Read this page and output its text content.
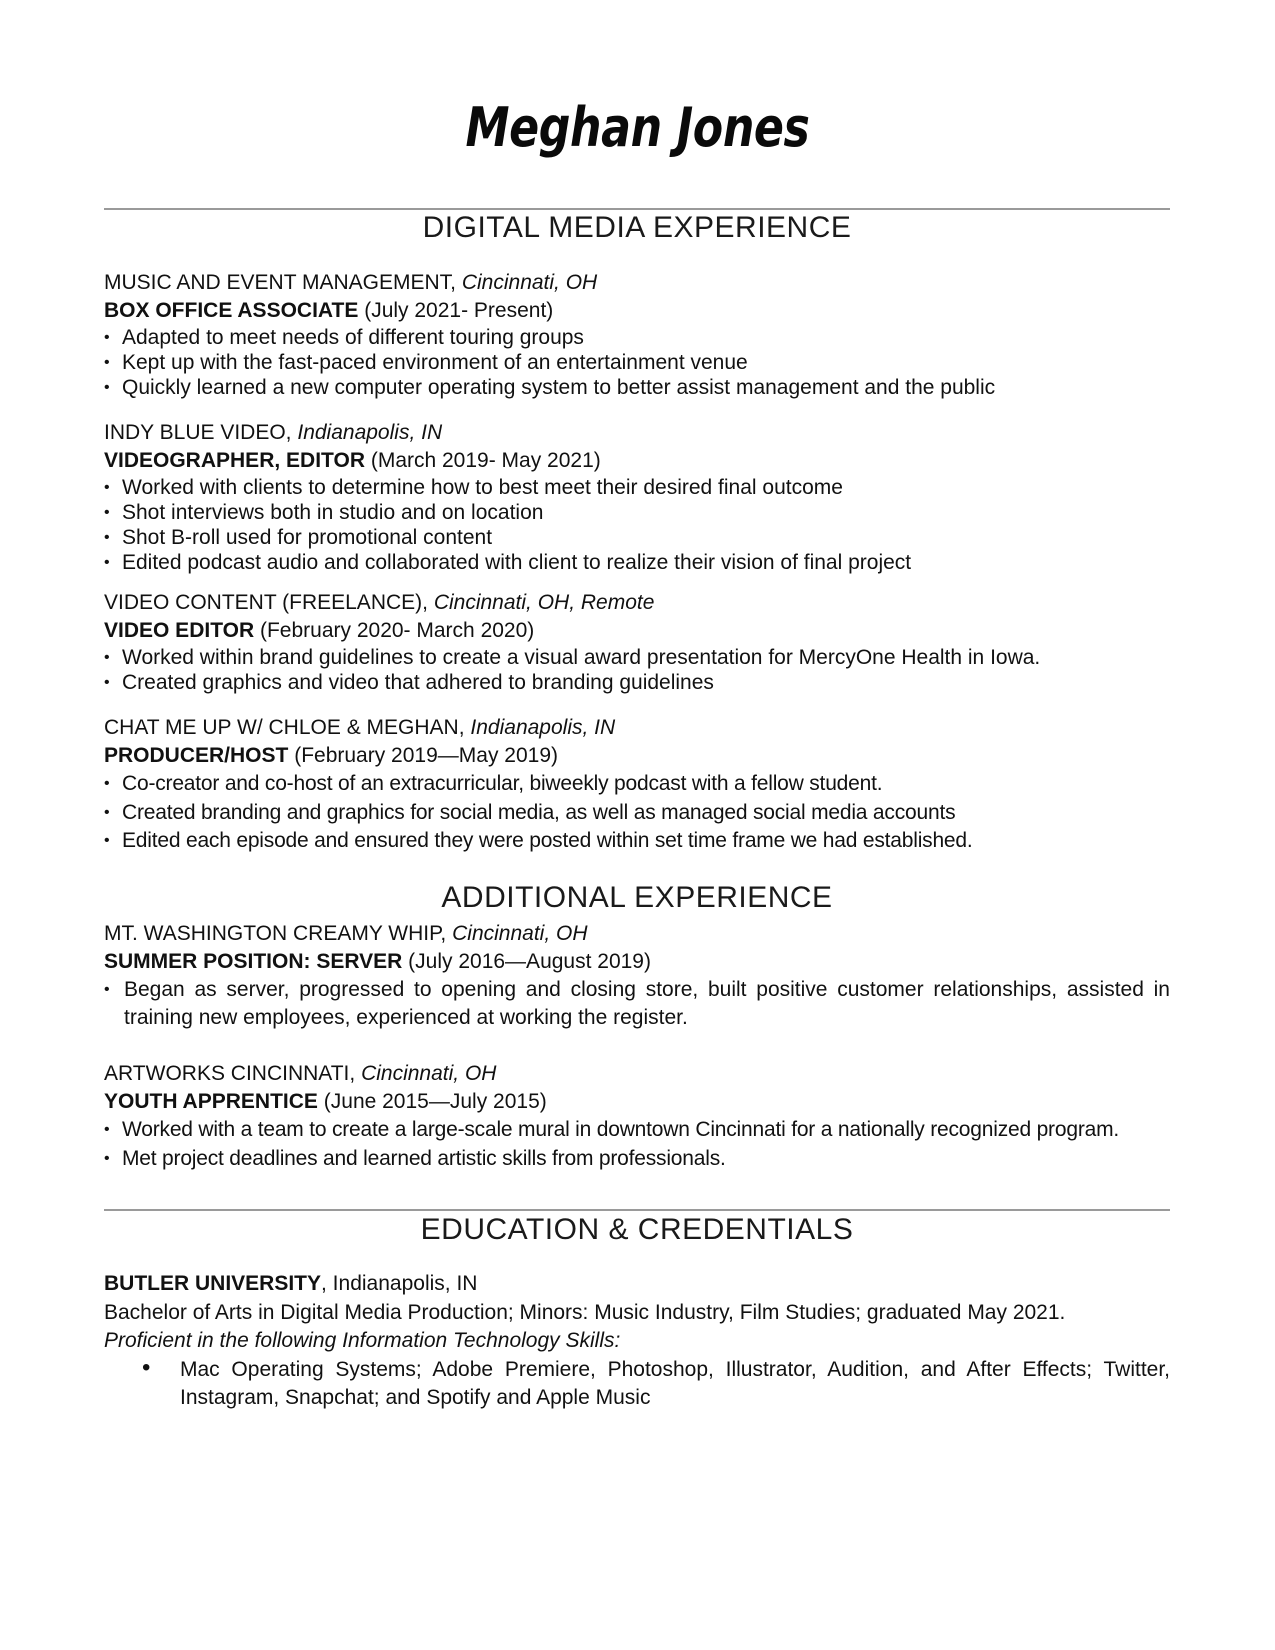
Meghan Jones
DIGITAL MEDIA EXPERIENCE
MUSIC AND EVENT MANAGEMENT, Cincinnati, OH
BOX OFFICE ASSOCIATE (July 2021- Present)
• Adapted to meet needs of different touring groups
• Kept up with the fast-paced environment of an entertainment venue
• Quickly learned a new computer operating system to better assist management and the public
INDY BLUE VIDEO, Indianapolis, IN
VIDEOGRAPHER, EDITOR (March 2019- May 2021)
• Worked with clients to determine how to best meet their desired final outcome
• Shot interviews both in studio and on location
• Shot B-roll used for promotional content
• Edited podcast audio and collaborated with client to realize their vision of final project
VIDEO CONTENT (FREELANCE), Cincinnati, OH, Remote
VIDEO EDITOR (February 2020- March 2020)
• Worked within brand guidelines to create a visual award presentation for MercyOne Health in Iowa.
• Created graphics and video that adhered to branding guidelines
CHAT ME UP W/ CHLOE & MEGHAN, Indianapolis, IN
PRODUCER/HOST (February 2019—May 2019)
• Co-creator and co-host of an extracurricular, biweekly podcast with a fellow student.
• Created branding and graphics for social media, as well as managed social media accounts
• Edited each episode and ensured they were posted within set time frame we had established.
ADDITIONAL EXPERIENCE
MT. WASHINGTON CREAMY WHIP, Cincinnati, OH
SUMMER POSITION: SERVER (July 2016—August 2019)
• Began as server, progressed to opening and closing store, built positive customer relationships, assisted in training new employees, experienced at working the register.
ARTWORKS CINCINNATI, Cincinnati, OH
YOUTH APPRENTICE (June 2015—July 2015)
• Worked with a team to create a large-scale mural in downtown Cincinnati for a nationally recognized program.
• Met project deadlines and learned artistic skills from professionals.
EDUCATION & CREDENTIALS
BUTLER UNIVERSITY, Indianapolis, IN
Bachelor of Arts in Digital Media Production; Minors: Music Industry, Film Studies; graduated May 2021.
Proficient in the following Information Technology Skills:
• Mac Operating Systems; Adobe Premiere, Photoshop, Illustrator, Audition, and After Effects; Twitter, Instagram, Snapchat; and Spotify and Apple Music
